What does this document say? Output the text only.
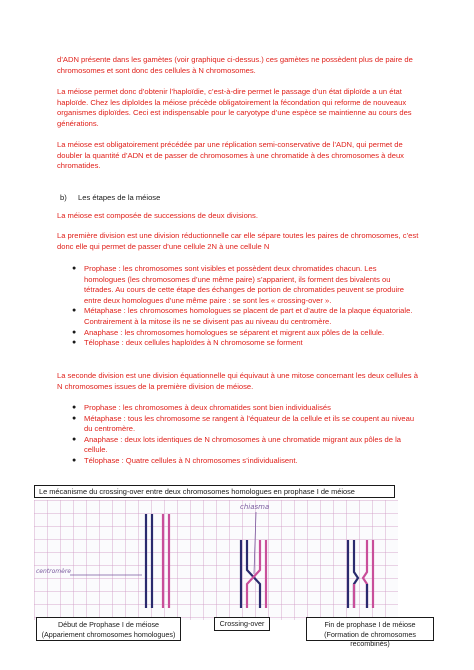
d’ADN présente dans les gamètes (voir graphique ci-dessus.) ces gamètes ne possèdent plus de paire de chromosomes et sont donc des cellules à N chromosomes.

La méiose permet donc d’obtenir l’haploïdie, c’est-à-dire permet le passage d’un état diploïde a un état haploïde. Chez les diploïdes la méiose précède obligatoirement la fécondation qui reforme de nouveaux organismes diploïdes. Ceci est indispensable pour le caryotype d’une espèce se maintienne au cours des générations.

La méiose est obligatoirement précédée par une réplication semi-conservative de l’ADN, qui permet de doubler la quantité d’ADN et de passer de chromosomes à une chromatide à des chromosomes à deux chromatides.

b) Les étapes de la méiose

La méiose est composée de successions de deux divisions.

La première division est une division réductionnelle car elle sépare toutes les paires de chromosomes, c’est donc elle qui permet de passer d’une cellule 2N à une cellule N

● Prophase : les chromosomes sont visibles et possèdent deux chromatides chacun. Les homologues (les chromosomes d’une même paire) s’apparient, ils forment des bivalents ou tétrades. Au cours de cette étape des échanges de portion de chromatides peuvent se produire entre deux homologues d’une même paire : se sont les « crossing-over ».
● Métaphase : les chromosomes homologues se placent de part et d’autre de la plaque équatoriale. Contrairement à la mitose ils ne se divisent pas au niveau du centromère.
● Anaphase : les chromosomes homologues se séparent et migrent aux pôles de la cellule.
● Télophase : deux cellules haploïdes à N chromosome se forment

La seconde division est une division équationnelle qui équivaut à une mitose concernant les deux cellules à N chromosomes issues de la première division de méiose.

● Prophase : les chromosomes à deux chromatides sont bien individualisés
● Métaphase : tous les chromosome se rangent à l’équateur de la cellule et ils se coupent au niveau du centromère.
● Anaphase : deux lots identiques de N chromosomes à une chromatide migrant aux pôles de la cellule.
● Télophase : Quatre cellules à N chromosomes s’individualisent.
chiasma
centromère
Le mécanisme du crossing-over entre deux chromosomes homologues en prophase I de méiose
Début de Prophase I de méiose
(Appariement chromosomes homologues)
Crossing-over	Fin de prophase I de méiose
(Formation de chromosomes recombinés)
